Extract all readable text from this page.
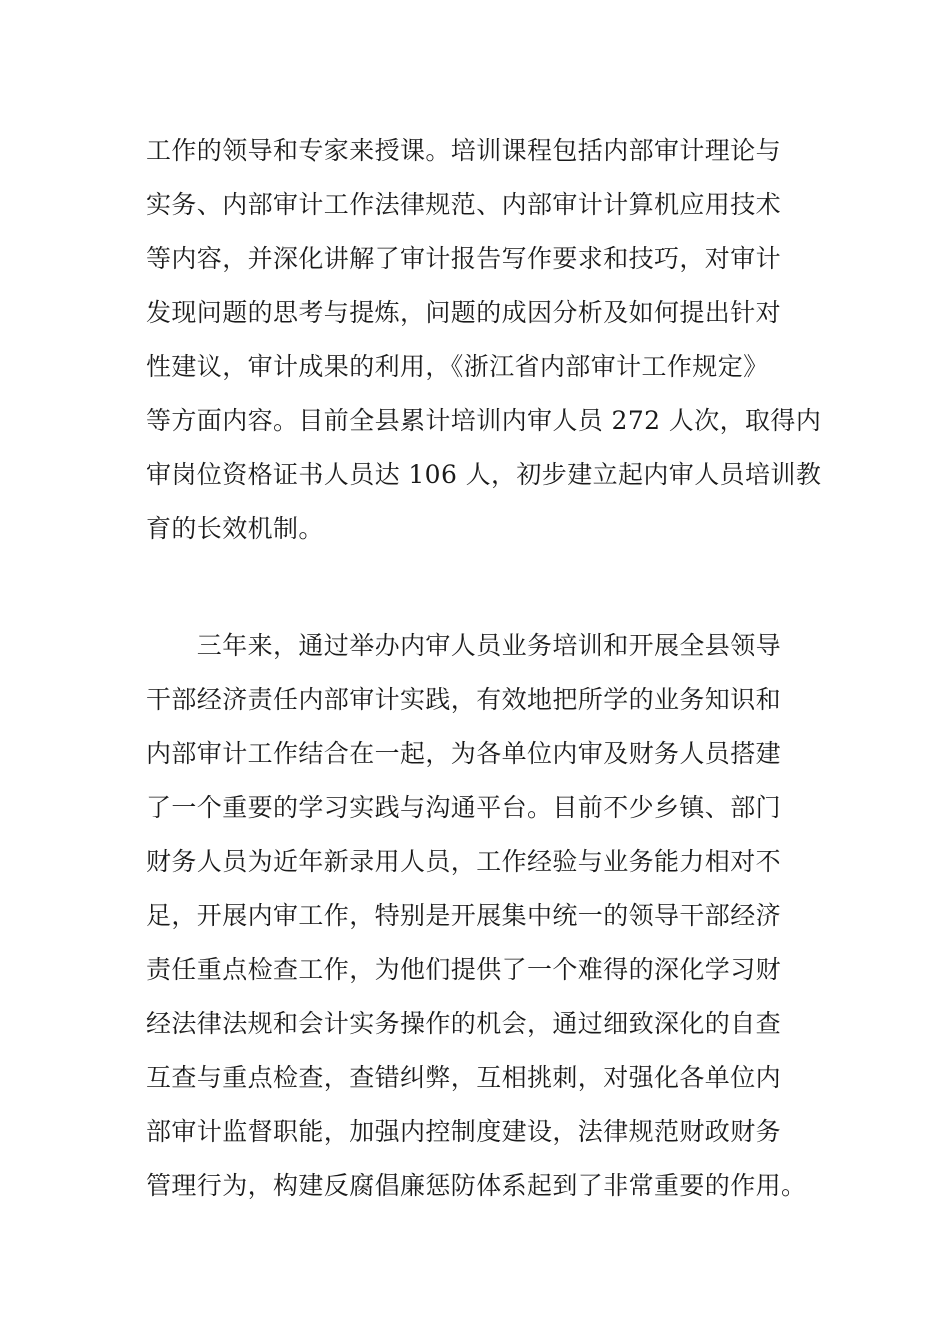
工作的领导和专家来授课。培训课程包括内部审计理论与
实务、内部审计工作法律规范、内部审计计算机应用技术
等内容，并深化讲解了审计报告写作要求和技巧，对审计
发现问题的思考与提炼，问题的成因分析及如何提出针对
性建议，审计成果的利用，《浙江省内部审计工作规定》
等方面内容。目前全县累计培训内审人员 272 人次，取得内
审岗位资格证书人员达 106 人，初步建立起内审人员培训教
育的长效机制。
　　三年来，通过举办内审人员业务培训和开展全县领导
干部经济责任内部审计实践，有效地把所学的业务知识和
内部审计工作结合在一起，为各单位内审及财务人员搭建
了一个重要的学习实践与沟通平台。目前不少乡镇、部门
财务人员为近年新录用人员，工作经验与业务能力相对不
足，开展内审工作，特别是开展集中统一的领导干部经济
责任重点检查工作，为他们提供了一个难得的深化学习财
经法律法规和会计实务操作的机会，通过细致深化的自查
互查与重点检查，查错纠弊，互相挑刺，对强化各单位内
部审计监督职能，加强内控制度建设，法律规范财政财务
管理行为，构建反腐倡廉惩防体系起到了非常重要的作用。
